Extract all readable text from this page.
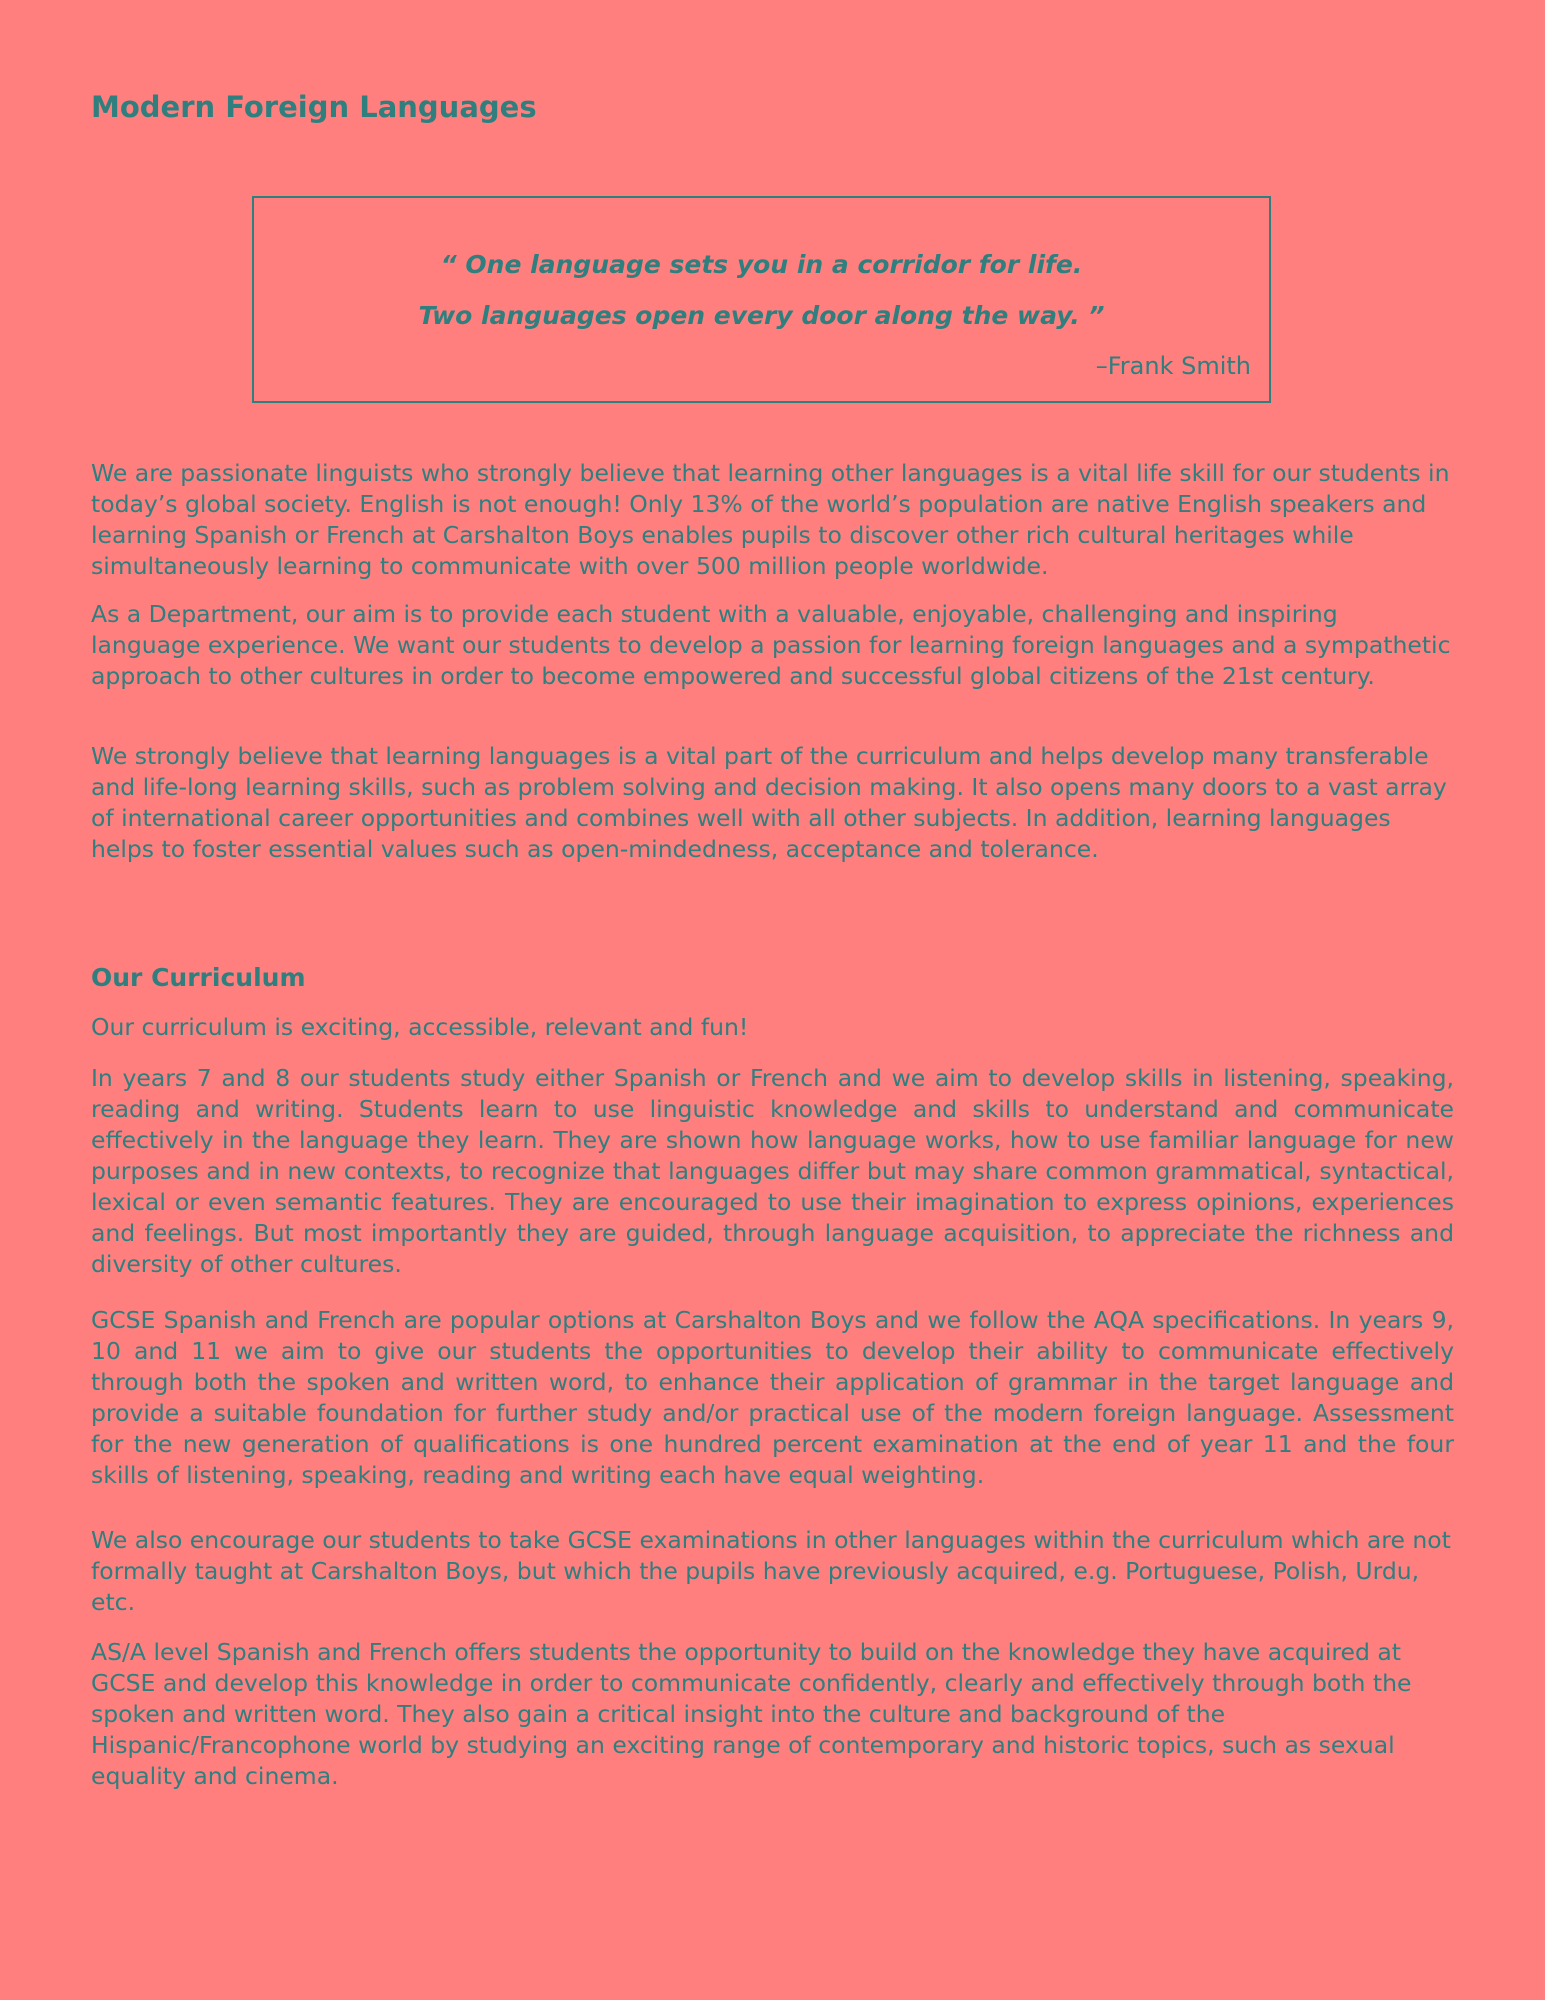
Modern Foreign Languages
“ One language sets you in a corridor for life.
Two languages open every door along the way. ”
–Frank Smith

We are passionate linguists who strongly believe that learning other languages is a vital life skill for our students in today’s global society. English is not enough! Only 13% of the world’s population are native English speakers and learning Spanish or French at Carshalton Boys enables pupils to discover other rich cultural heritages while simultaneously learning to communicate with over 500 million people worldwide.

As a Department, our aim is to provide each student with a valuable, enjoyable, challenging and inspiring language experience. We want our students to develop a passion for learning foreign languages and a sympathetic approach to other cultures in order to become empowered and successful global citizens of the 21st century.

We strongly believe that learning languages is a vital part of the curriculum and helps develop many transferable and life-long learning skills, such as problem solving and decision making. It also opens many doors to a vast array of international career opportunities and combines well with all other subjects. In addition, learning languages helps to foster essential values such as open-mindedness, acceptance and tolerance.

Our Curriculum

Our curriculum is exciting, accessible, relevant and fun!

In years 7 and 8 our students study either Spanish or French and we aim to develop skills in listening, speaking, reading and writing. Students learn to use linguistic knowledge and skills to understand and communicate effectively in the language they learn. They are shown how language works, how to use familiar language for new purposes and in new contexts, to recognize that languages differ but may share common grammatical, syntactical, lexical or even semantic features. They are encouraged to use their imagination to express opinions, experiences and feelings. But most importantly they are guided, through language acquisition, to appreciate the richness and diversity of other cultures.

GCSE Spanish and French are popular options at Carshalton Boys and we follow the AQA specifications. In years 9, 10 and 11 we aim to give our students the opportunities to develop their ability to communicate effectively through both the spoken and written word, to enhance their application of grammar in the target language and provide a suitable foundation for further study and/or practical use of the modern foreign language. Assessment for the new generation of qualifications is one hundred percent examination at the end of year 11 and the four skills of listening, speaking, reading and writing each have equal weighting.

We also encourage our students to take GCSE examinations in other languages within the curriculum which are not formally taught at Carshalton Boys, but which the pupils have previously acquired, e.g. Portuguese, Polish, Urdu, etc.

AS/A level Spanish and French offers students the opportunity to build on the knowledge they have acquired at GCSE and develop this knowledge in order to communicate confidently, clearly and effectively through both the spoken and written word. They also gain a critical insight into the culture and background of the Hispanic/Francophone world by studying an exciting range of contemporary and historic topics, such as sexual equality and cinema.
